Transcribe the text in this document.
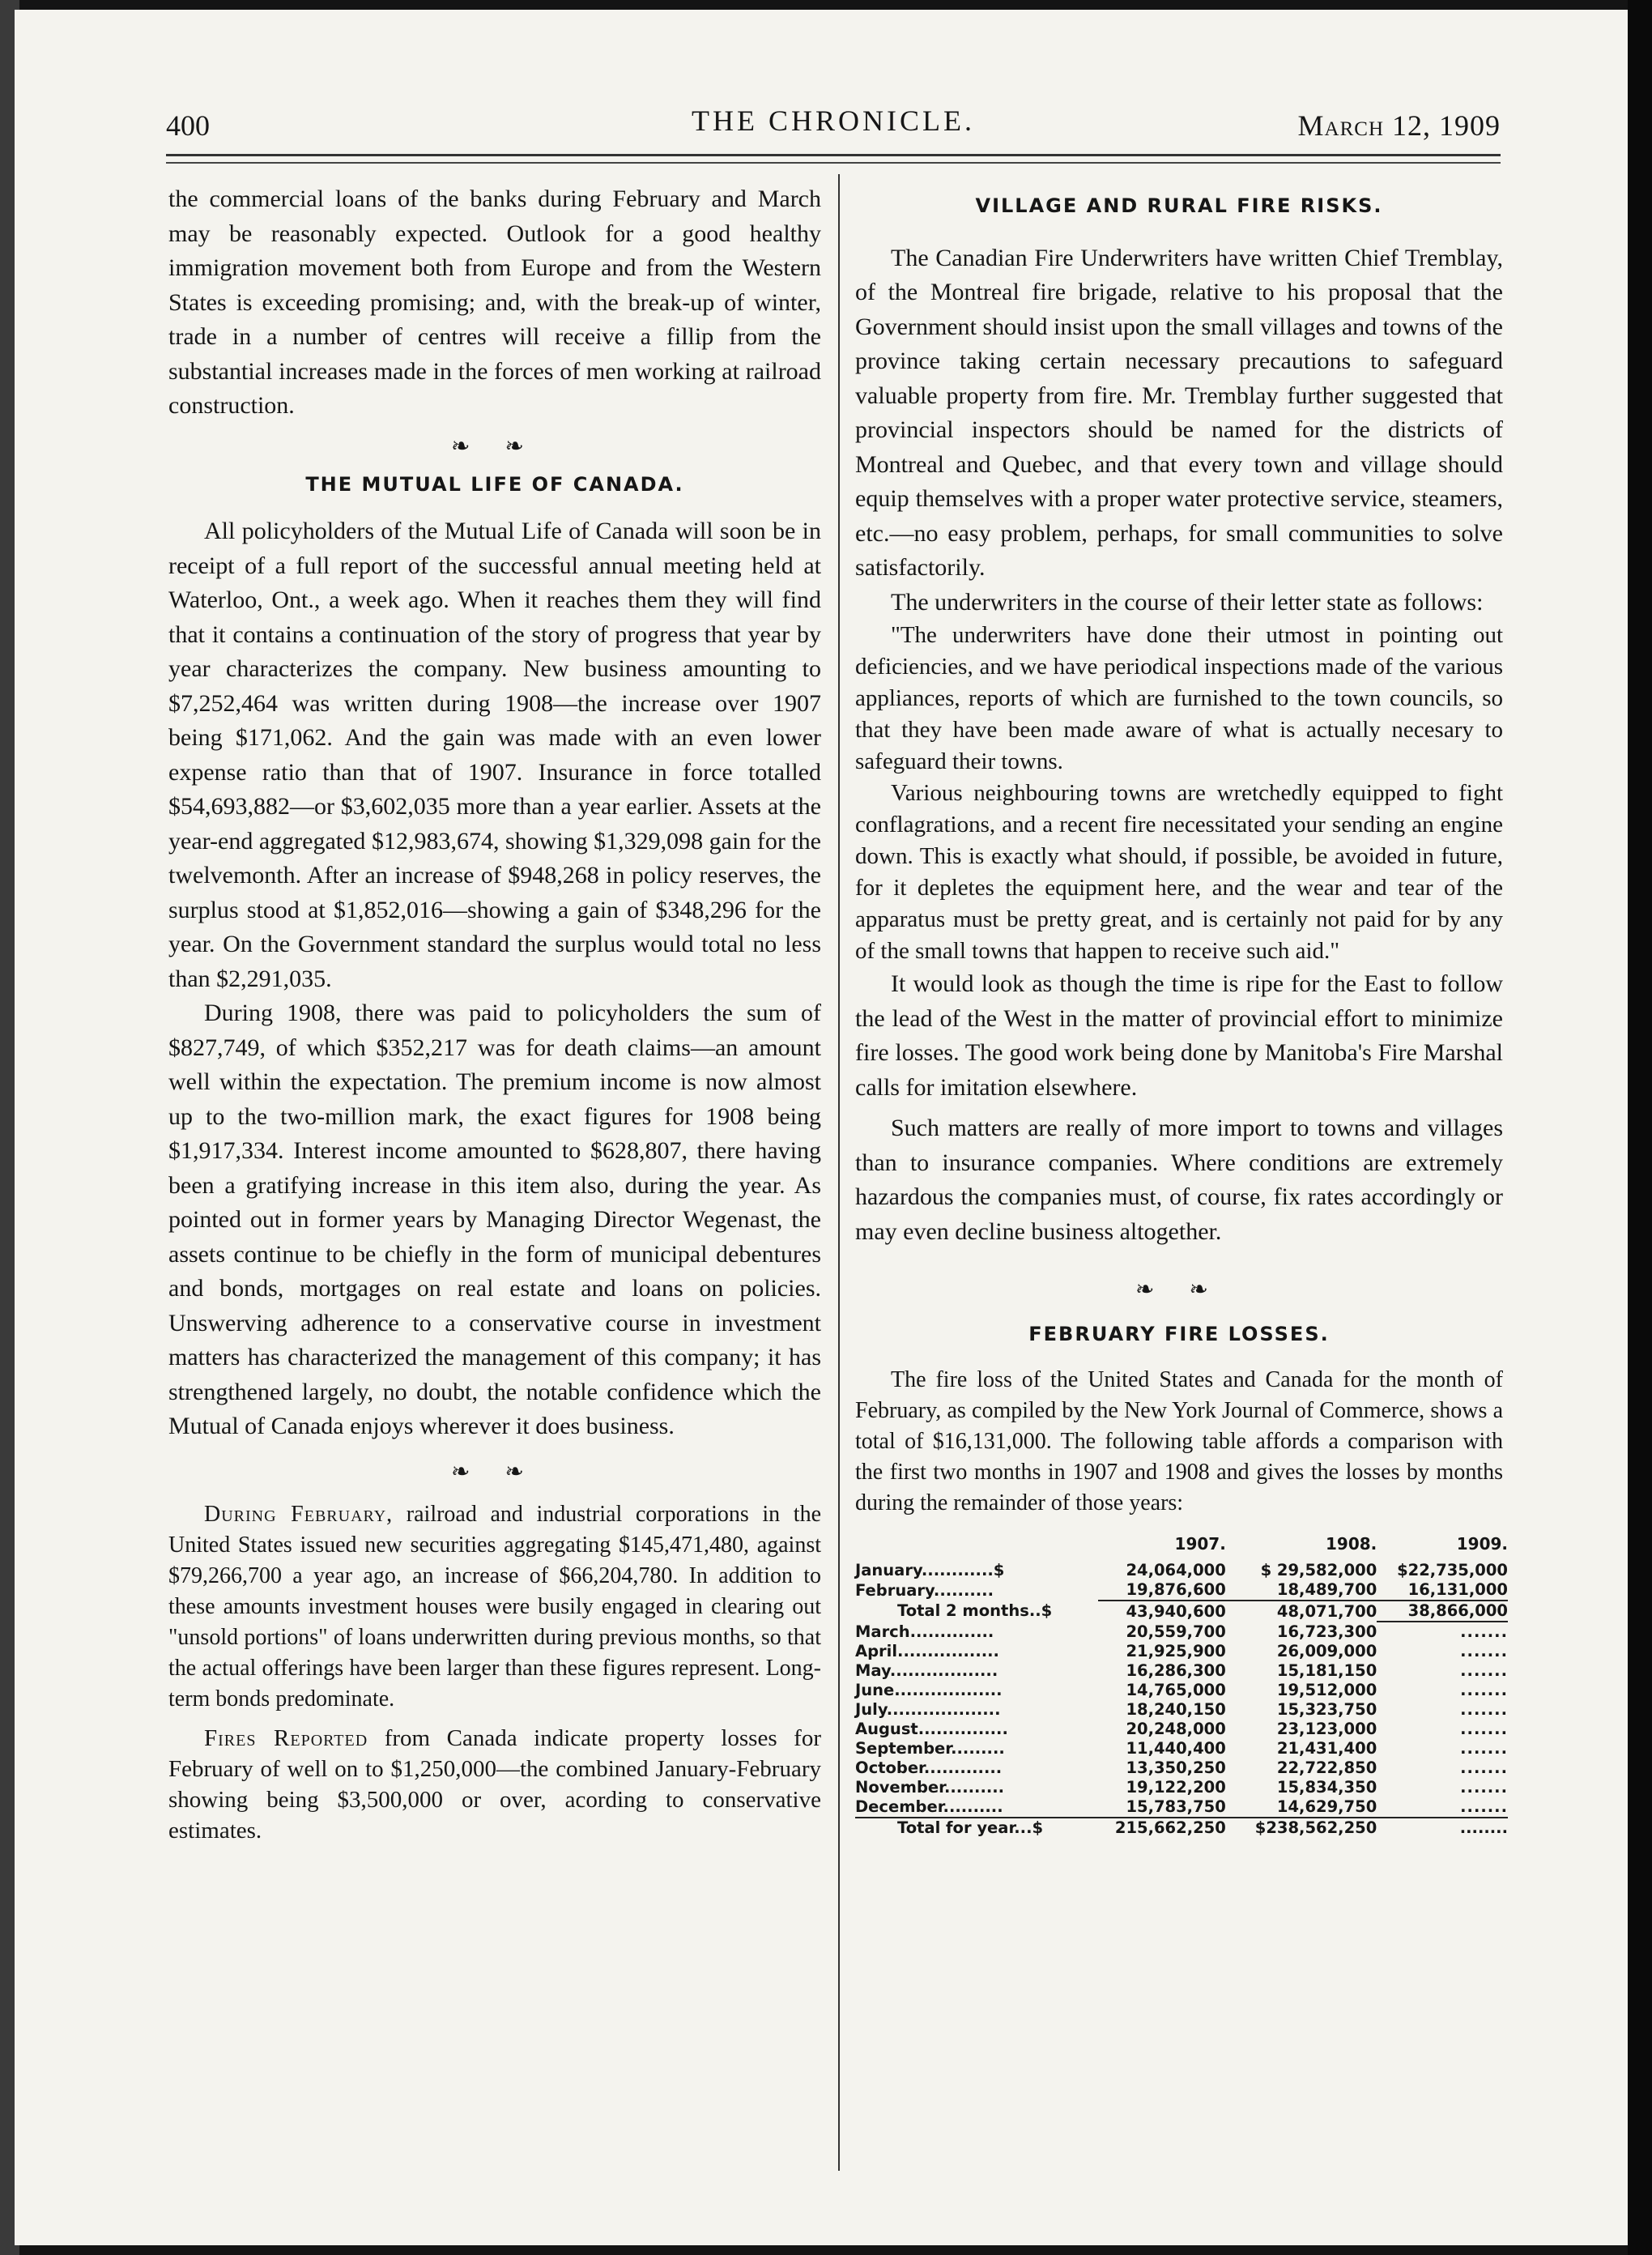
400	THE CHRONICLE.	March 12, 1909

the commercial loans of the banks during February and March may be reasonably expected. Outlook for a good healthy immigration movement both from Europe and from the Western States is exceeding promising; and, with the break-up of winter, trade in a number of centres will receive a fillip from the substantial increases made in the forces of men working at railroad construction.

❧ ❧
THE MUTUAL LIFE OF CANADA.

All policyholders of the Mutual Life of Canada will soon be in receipt of a full report of the successful annual meeting held at Waterloo, Ont., a week ago. When it reaches them they will find that it contains a continuation of the story of progress that year by year characterizes the company. New business amounting to $7,252,464 was written during 1908—the increase over 1907 being $171,062. And the gain was made with an even lower expense ratio than that of 1907. Insurance in force totalled $54,693,882—or $3,602,035 more than a year earlier. Assets at the year-end aggregated $12,983,674, showing $1,329,098 gain for the twelvemonth. After an increase of $948,268 in policy reserves, the surplus stood at $1,852,016—showing a gain of $348,296 for the year. On the Government standard the surplus would total no less than $2,291,035.

During 1908, there was paid to policyholders the sum of $827,749, of which $352,217 was for death claims—an amount well within the expectation. The premium income is now almost up to the two-million mark, the exact figures for 1908 being $1,917,334. Interest income amounted to $628,807, there having been a gratifying increase in this item also, during the year. As pointed out in former years by Managing Director Wegenast, the assets continue to be chiefly in the form of municipal debentures and bonds, mortgages on real estate and loans on policies. Unswerving adherence to a conservative course in investment matters has characterized the management of this company; it has strengthened largely, no doubt, the notable confidence which the Mutual of Canada enjoys wherever it does business.

❧ ❧

During February, railroad and industrial corporations in the United States issued new securities aggregating $145,471,480, against $79,266,700 a year ago, an increase of $66,204,780. In addition to these amounts investment houses were busily engaged in clearing out "unsold portions" of loans underwritten during previous months, so that the actual offerings have been larger than these figures represent. Long-term bonds predominate.

Fires Reported from Canada indicate property losses for February of well on to $1,250,000—the combined January-February showing being $3,500,000 or over, acording to conservative estimates.

VILLAGE AND RURAL FIRE RISKS.

The Canadian Fire Underwriters have written Chief Tremblay, of the Montreal fire brigade, relative to his proposal that the Government should insist upon the small villages and towns of the province taking certain necessary precautions to safeguard valuable property from fire. Mr. Tremblay further suggested that provincial inspectors should be named for the districts of Montreal and Quebec, and that every town and village should equip themselves with a proper water protective service, steamers, etc.—no easy problem, perhaps, for small communities to solve satisfactorily.

The underwriters in the course of their letter state as follows:

"The underwriters have done their utmost in pointing out deficiencies, and we have periodical inspections made of the various appliances, reports of which are furnished to the town councils, so that they have been made aware of what is actually necesary to safeguard their towns.

Various neighbouring towns are wretchedly equipped to fight conflagrations, and a recent fire necessitated your sending an engine down. This is exactly what should, if possible, be avoided in future, for it depletes the equipment here, and the wear and tear of the apparatus must be pretty great, and is certainly not paid for by any of the small towns that happen to receive such aid."

It would look as though the time is ripe for the East to follow the lead of the West in the matter of provincial effort to minimize fire losses. The good work being done by Manitoba's Fire Marshal calls for imitation elsewhere.

Such matters are really of more import to towns and villages than to insurance companies. Where conditions are extremely hazardous the companies must, of course, fix rates accordingly or may even decline business altogether.

❧ ❧
FEBRUARY FIRE LOSSES.

The fire loss of the United States and Canada for the month of February, as compiled by the New York Journal of Commerce, shows a total of $16,131,000. The following table affords a comparison with the first two months in 1907 and 1908 and gives the losses by months during the remainder of those years:

	1907.	1908.	1909.
January............$	24,064,000	$ 29,582,000	$22,735,000
February..........	19,876,600	18,489,700	16,131,000
Total 2 months..$	43,940,600	48,071,700	38,866,000
March..............	20,559,700	16,723,300	.......
April.................	21,925,900	26,009,000	.......
May..................	16,286,300	15,181,150	.......
June..................	14,765,000	19,512,000	.......
July...................	18,240,150	15,323,750	.......
August...............	20,248,000	23,123,000	.......
September.........	11,440,400	21,431,400	.......
October.............	13,350,250	22,722,850	.......
November..........	19,122,200	15,834,350	.......
December..........	15,783,750	14,629,750	.......
Total for year...$	215,662,250	$238,562,250	........
